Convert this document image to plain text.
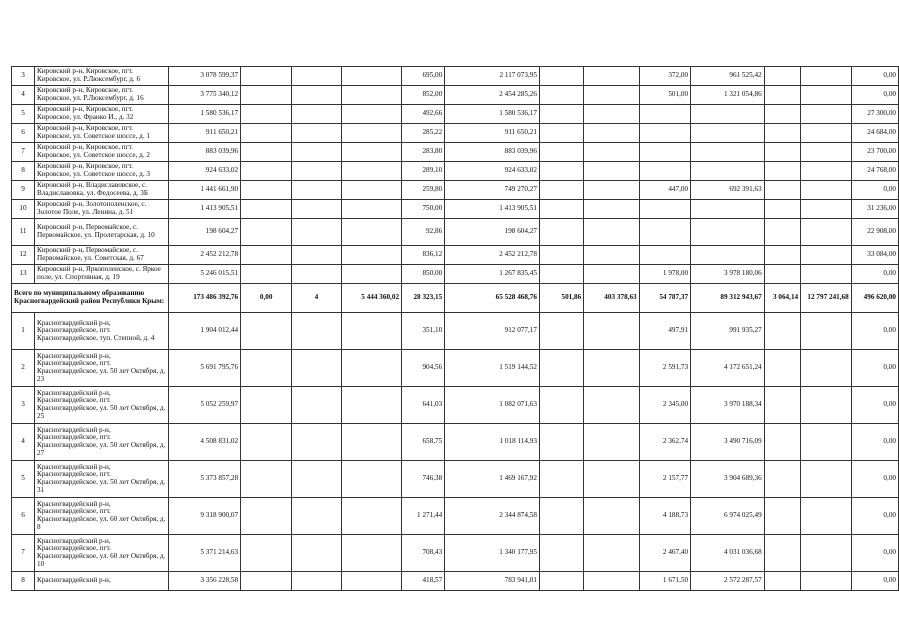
3	Кировский р-н, Кировское, пгт. Кировское, ул. Р.Люксембург, д. 6	3 078 599,37				695,00	2 117 073,95			372,00	961 525,42			0,00
4	Кировский р-н, Кировское, пгт. Кировское, ул. Р.Люксембург, д. 16	3 775 340,12				852,00	2 454 285,26			501,00	1 321 054,86			0,00
5	Кировский р-н, Кировское, пгт. Кировское, ул. Франко И., д. 32	1 580 536,17				492,66	1 580 536,17							27 300,00
6	Кировский р-н, Кировское, пгт. Кировское, ул. Советское шоссе, д. 1	911 650,21				285,22	911 650,21							24 684,00
7	Кировский р-н, Кировское, пгт. Кировское, ул. Советское шоссе, д. 2	883 039,96				283,80	883 039,96							23 700,00
8	Кировский р-н, Кировское, пгт. Кировское, ул. Советское шоссе, д. 3	924 633,02				289,10	924 633,02							24 768,00
9	Кировский р-н, Владиславовское, с. Владиславовка, ул. Федосеева, д. 3Б	1 441 661,90				259,80	749 270,27			447,00	692 391,63			0,00
10	Кировский р-н, Золотополенское, с. Золотое Поле, ул. Ленина, д. 51	1 413 905,51				750,00	1 413 905,51							31 236,00
11	Кировский р-н, Первомайское, с. Первомайское, ул. Пролетарская, д. 10	198 604,27				92,86	198 604,27							22 908,00
12	Кировский р-н, Первомайское, с. Первомайское, ул. Советская, д. 67	2 452 212,78				836,12	2 452 212,78							33 084,00
13	Кировский р-н, Яркополенское, с. Яркое поле, ул. Спортивная, д. 19	5 246 015,51				850,00	1 267 835,45			1 978,00	3 978 180,06			0,00
Всего по муниципальному образованию Красногвардейский район Республики Крым:		173 486 392,76	0,00	4	5 444 360,02	28 323,15	65 528 468,76	501,86	403 378,63	54 787,37	89 312 943,67	3 064,14	12 797 241,68	496 620,00
1	Красногвардейский р-н, Красногвардейское, пгт. Красногвардейское, туп. Степной, д. 4	1 904 012,44				351,10	912 077,17			497,91	991 935,27			0,00
2	Красногвардейский р-н, Красногвардейское, пгт. Красногвардейское, ул. 50 лет Октября, д. 23	5 691 795,76				904,56	1 519 144,52			2 591,73	4 172 651,24			0,00
3	Красногвардейский р-н, Красногвардейское, пгт. Красногвардейское, ул. 50 лет Октября, д. 25	5 052 259,97				641,03	1 082 071,63			2 345,00	3 970 188,34			0,00
4	Красногвардейский р-н, Красногвардейское, пгт. Красногвардейское, ул. 50 лет Октября, д. 27	4 508 831,02				658,75	1 018 114,93			2 362,74	3 490 716,09			0,00
5	Красногвардейский р-н, Красногвардейское, пгт. Красногвардейское, ул. 50 лет Октября, д. 31	5 373 857,28				746,38	1 469 167,92			2 157,77	3 904 689,36			0,00
6	Красногвардейский р-н, Красногвардейское, пгт. Красногвардейское, ул. 60 лет Октября, д. 8	9 318 900,07				1 271,44	2 344 874,58			4 188,73	6 974 025,49			0,00
7	Красногвардейский р-н, Красногвардейское, пгт. Красногвардейское, ул. 60 лет Октября, д. 10	5 371 214,63				708,43	1 340 177,95			2 467,40	4 031 036,68			0,00
8	Красногвардейский р-н,	3 356 228,58				418,57	783 941,01			1 671,50	2 572 287,57			0,00
